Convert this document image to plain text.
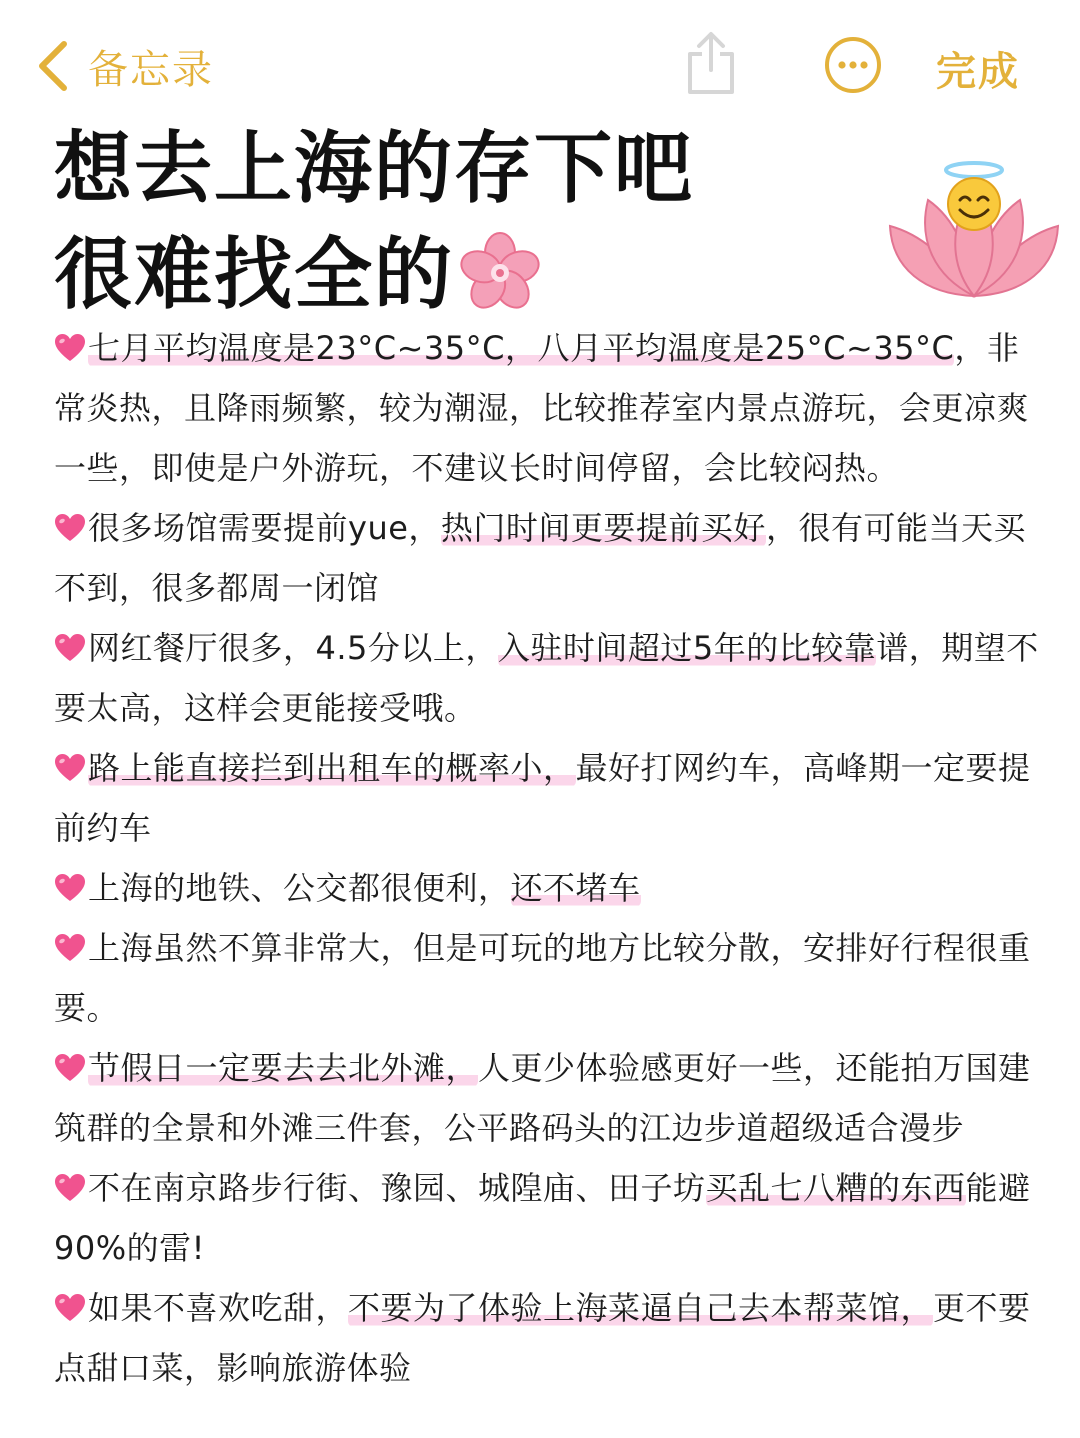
备忘录	完成
想去上海的存下吧
很难找全的

七月平均温度是23°C~35°C，八月平均温度是25°C~35°C，非常炎热，且降雨频繁，较为潮湿，比较推荐室内景点游玩，会更凉爽一些，即使是户外游玩，不建议长时间停留，会比较闷热。

很多场馆需要提前yue，热门时间更要提前买好，很有可能当天买不到，很多都周一闭馆

网红餐厅很多，4.5分以上，入驻时间超过5年的比较靠谱，期望不要太高，这样会更能接受哦。

路上能直接拦到出租车的概率小，最好打网约车，高峰期一定要提前约车

上海的地铁、公交都很便利，还不堵车

上海虽然不算非常大，但是可玩的地方比较分散，安排好行程很重要。

节假日一定要去去北外滩，人更少体验感更好一些，还能拍万国建筑群的全景和外滩三件套，公平路码头的江边步道超级适合漫步

不在南京路步行街、豫园、城隍庙、田子坊买乱七八糟的东西能避90%的雷!

如果不喜欢吃甜，不要为了体验上海菜逼自己去本帮菜馆，更不要点甜口菜，影响旅游体验
